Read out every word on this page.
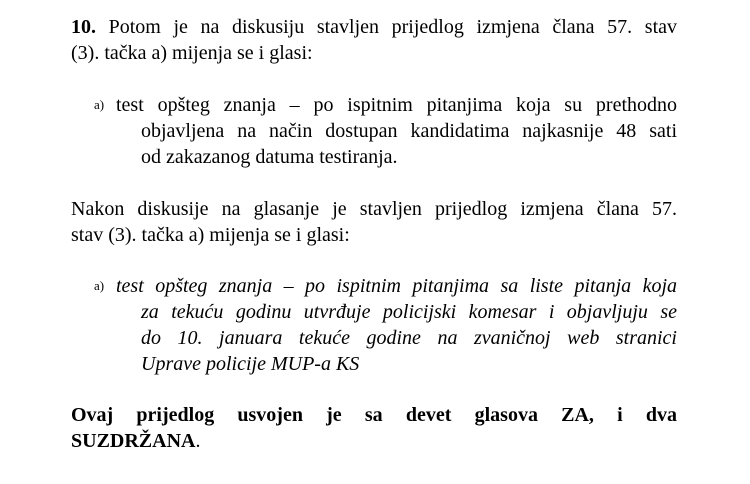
10. Potom je na diskusiju stavljen prijedlog izmjena člana 57. stav
(3). tačka a) mijenja se i glasi:

a) test opšteg znanja – po ispitnim pitanjima koja su prethodno
objavljena na način dostupan kandidatima najkasnije 48 sati
od zakazanog datuma testiranja.

Nakon diskusije na glasanje je stavljen prijedlog izmjena člana 57.
stav (3). tačka a) mijenja se i glasi:

a) test opšteg znanja – po ispitnim pitanjima sa liste pitanja koja
za tekuću godinu utvrđuje policijski komesar i objavljuju se
do 10. januara tekuće godine na zvaničnoj web stranici
Uprave policije MUP-a KS

Ovaj prijedlog usvojen je sa devet glasova ZA, i dva
SUZDRŽANA.
